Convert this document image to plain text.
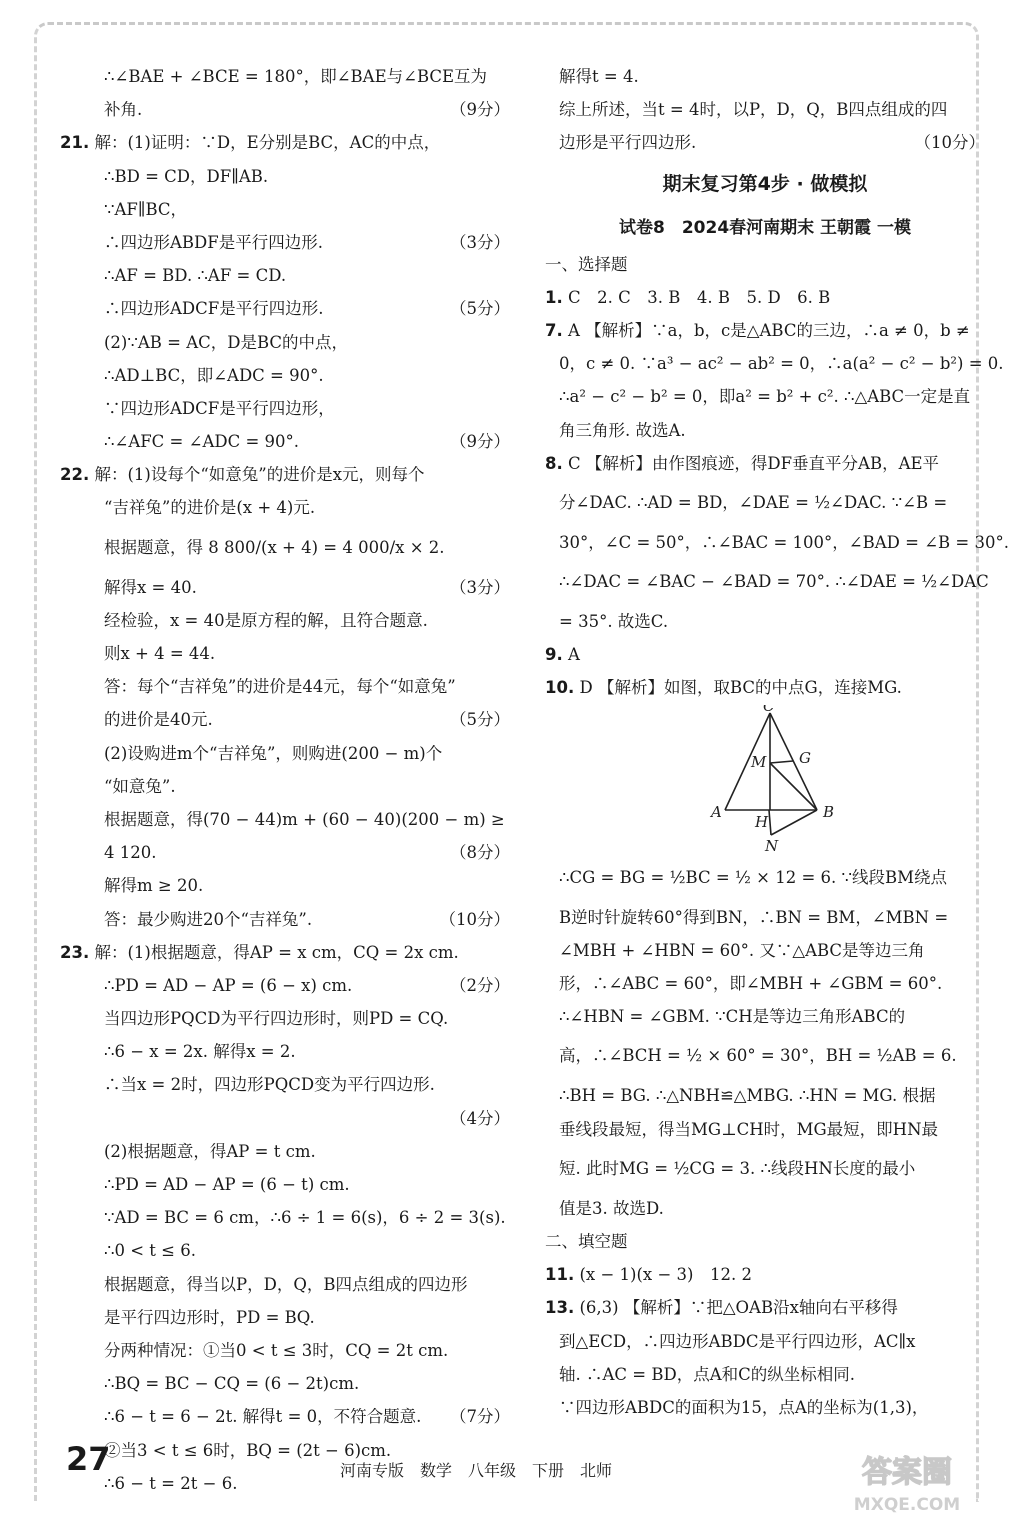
∴∠BAE + ∠BCE = 180°，即∠BAE与∠BCE互为
补角.	（9分）
21. 解：(1)证明：∵D，E分别是BC，AC的中点，
∴BD = CD，DF∥AB.
∵AF∥BC，
∴四边形ABDF是平行四边形.	（3分）
∴AF = BD. ∴AF = CD.
∴四边形ADCF是平行四边形.	（5分）
(2)∵AB = AC，D是BC的中点，
∴AD⊥BC，即∠ADC = 90°.
∵四边形ADCF是平行四边形，
∴∠AFC = ∠ADC = 90°.	（9分）
22. 解：(1)设每个“如意兔”的进价是x元，则每个
“吉祥兔”的进价是(x + 4)元.
根据题意，得 8 800/(x + 4) = 4 000/x × 2.
解得x = 40.	（3分）
经检验，x = 40是原方程的解，且符合题意.
则x + 4 = 44.
答：每个“吉祥兔”的进价是44元，每个“如意兔”
的进价是40元.	（5分）
(2)设购进m个“吉祥兔”，则购进(200 − m)个
“如意兔”.
根据题意，得(70 − 44)m + (60 − 40)(200 − m) ≥
4 120.	（8分）
解得m ≥ 20.
答：最少购进20个“吉祥兔”.	（10分）
23. 解：(1)根据题意，得AP = x cm，CQ = 2x cm.
∴PD = AD − AP = (6 − x) cm.	（2分）
当四边形PQCD为平行四边形时，则PD = CQ.
∴6 − x = 2x. 解得x = 2.
∴当x = 2时，四边形PQCD变为平行四边形.
（4分）
(2)根据题意，得AP = t cm.
∴PD = AD − AP = (6 − t) cm.
∵AD = BC = 6 cm，∴6 ÷ 1 = 6(s)，6 ÷ 2 = 3(s).
∴0 < t ≤ 6.
根据题意，得当以P，D，Q，B四点组成的四边形
是平行四边形时，PD = BQ.
分两种情况：①当0 < t ≤ 3时，CQ = 2t cm.
∴BQ = BC − CQ = (6 − 2t)cm.
∴6 − t = 6 − 2t. 解得t = 0，不符合题意. （7分）
②当3 < t ≤ 6时，BQ = (2t − 6)cm.
∴6 − t = 2t − 6.
解得t = 4.
综上所述，当t = 4时，以P，D，Q，B四点组成的四
边形是平行四边形.	（10分）
期末复习第4步 · 做模拟
试卷8　2024春河南期末 王朝霞 一模
一、选择题
1. C　2. C　3. B　4. B　5. D　6. B
7. A 【解析】∵a，b，c是△ABC的三边，∴a ≠ 0，b ≠
0，c ≠ 0. ∵a³ − ac² − ab² = 0，∴a(a² − c² − b²) = 0.
∴a² − c² − b² = 0，即a² = b² + c². ∴△ABC一定是直
角三角形. 故选A.
8. C 【解析】由作图痕迹，得DF垂直平分AB，AE平
分∠DAC. ∴AD = BD，∠DAE = ½∠DAC. ∵∠B =
30°，∠C = 50°，∴∠BAC = 100°，∠BAD = ∠B = 30°.
∴∠DAC = ∠BAC − ∠BAD = 70°. ∴∠DAE = ½∠DAC
= 35°. 故选C.
9. A
10. D 【解析】如图，取BC的中点G，连接MG.
C
G
M
A	B
H
N
∴CG = BG = ½BC = ½ × 12 = 6. ∵线段BM绕点
B逆时针旋转60°得到BN，∴BN = BM，∠MBN =
∠MBH + ∠HBN = 60°. 又∵△ABC是等边三角
形，∴∠ABC = 60°，即∠MBH + ∠GBM = 60°.
∴∠HBN = ∠GBM. ∵CH是等边三角形ABC的
高，∴∠BCH = ½ × 60° = 30°，BH = ½AB = 6.
∴BH = BG. ∴△NBH≌△MBG. ∴HN = MG. 根据
垂线段最短，得当MG⊥CH时，MG最短，即HN最
短. 此时MG = ½CG = 3. ∴线段HN长度的最小
值是3. 故选D.
二、填空题
11. (x − 1)(x − 3)　12. 2
13. (6,3) 【解析】∵把△OAB沿x轴向右平移得
到△ECD，∴四边形ABDC是平行四边形，AC∥x
轴. ∴AC = BD，点A和C的纵坐标相同.
∵四边形ABDC的面积为15，点A的坐标为(1,3)，
27	河南专版　数学　八年级　下册　北师	答案圈
MXQE.COM
